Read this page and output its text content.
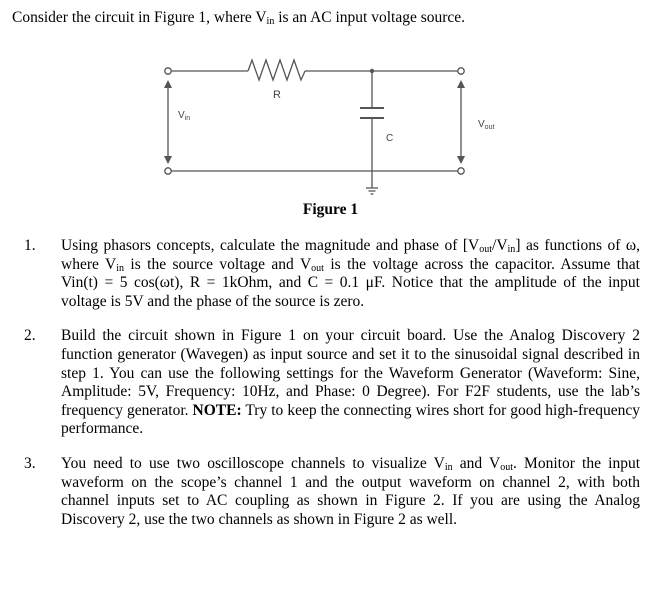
Consider the circuit in Figure 1, where $V_{in}$ is an AC input voltage source.
R
C
$V_{in}$
$V_{out}$
Figure 1
1.	Using phasors concepts, calculate the magnitude and phase of $[V_{out}/V_{in}]$ as functions of ω, where $V_{in}$ is the source voltage and $V_{out}$ is the voltage across the capacitor. Assume that Vin(t) = 5 cos(ωt), R = 1kOhm, and C = 0.1 μF. Notice that the amplitude of the input voltage is 5V and the phase of the source is zero.
2.	Build the circuit shown in Figure 1 on your circuit board. Use the Analog Discovery 2 function generator (Wavegen) as input source and set it to the sinusoidal signal described in step 1. You can use the following settings for the Waveform Generator (Waveform: Sine, Amplitude: 5V, Frequency: 10Hz, and Phase: 0 Degree). For F2F students, use the lab’s frequency generator. NOTE: Try to keep the connecting wires short for good high-frequency performance.
3.	You need to use two oscilloscope channels to visualize $V_{in}$ and $V_{out}$. Monitor the input waveform on the scope’s channel 1 and the output waveform on channel 2, with both channel inputs set to AC coupling as shown in Figure 2. If you are using the Analog Discovery 2, use the two channels as shown in Figure 2 as well.
